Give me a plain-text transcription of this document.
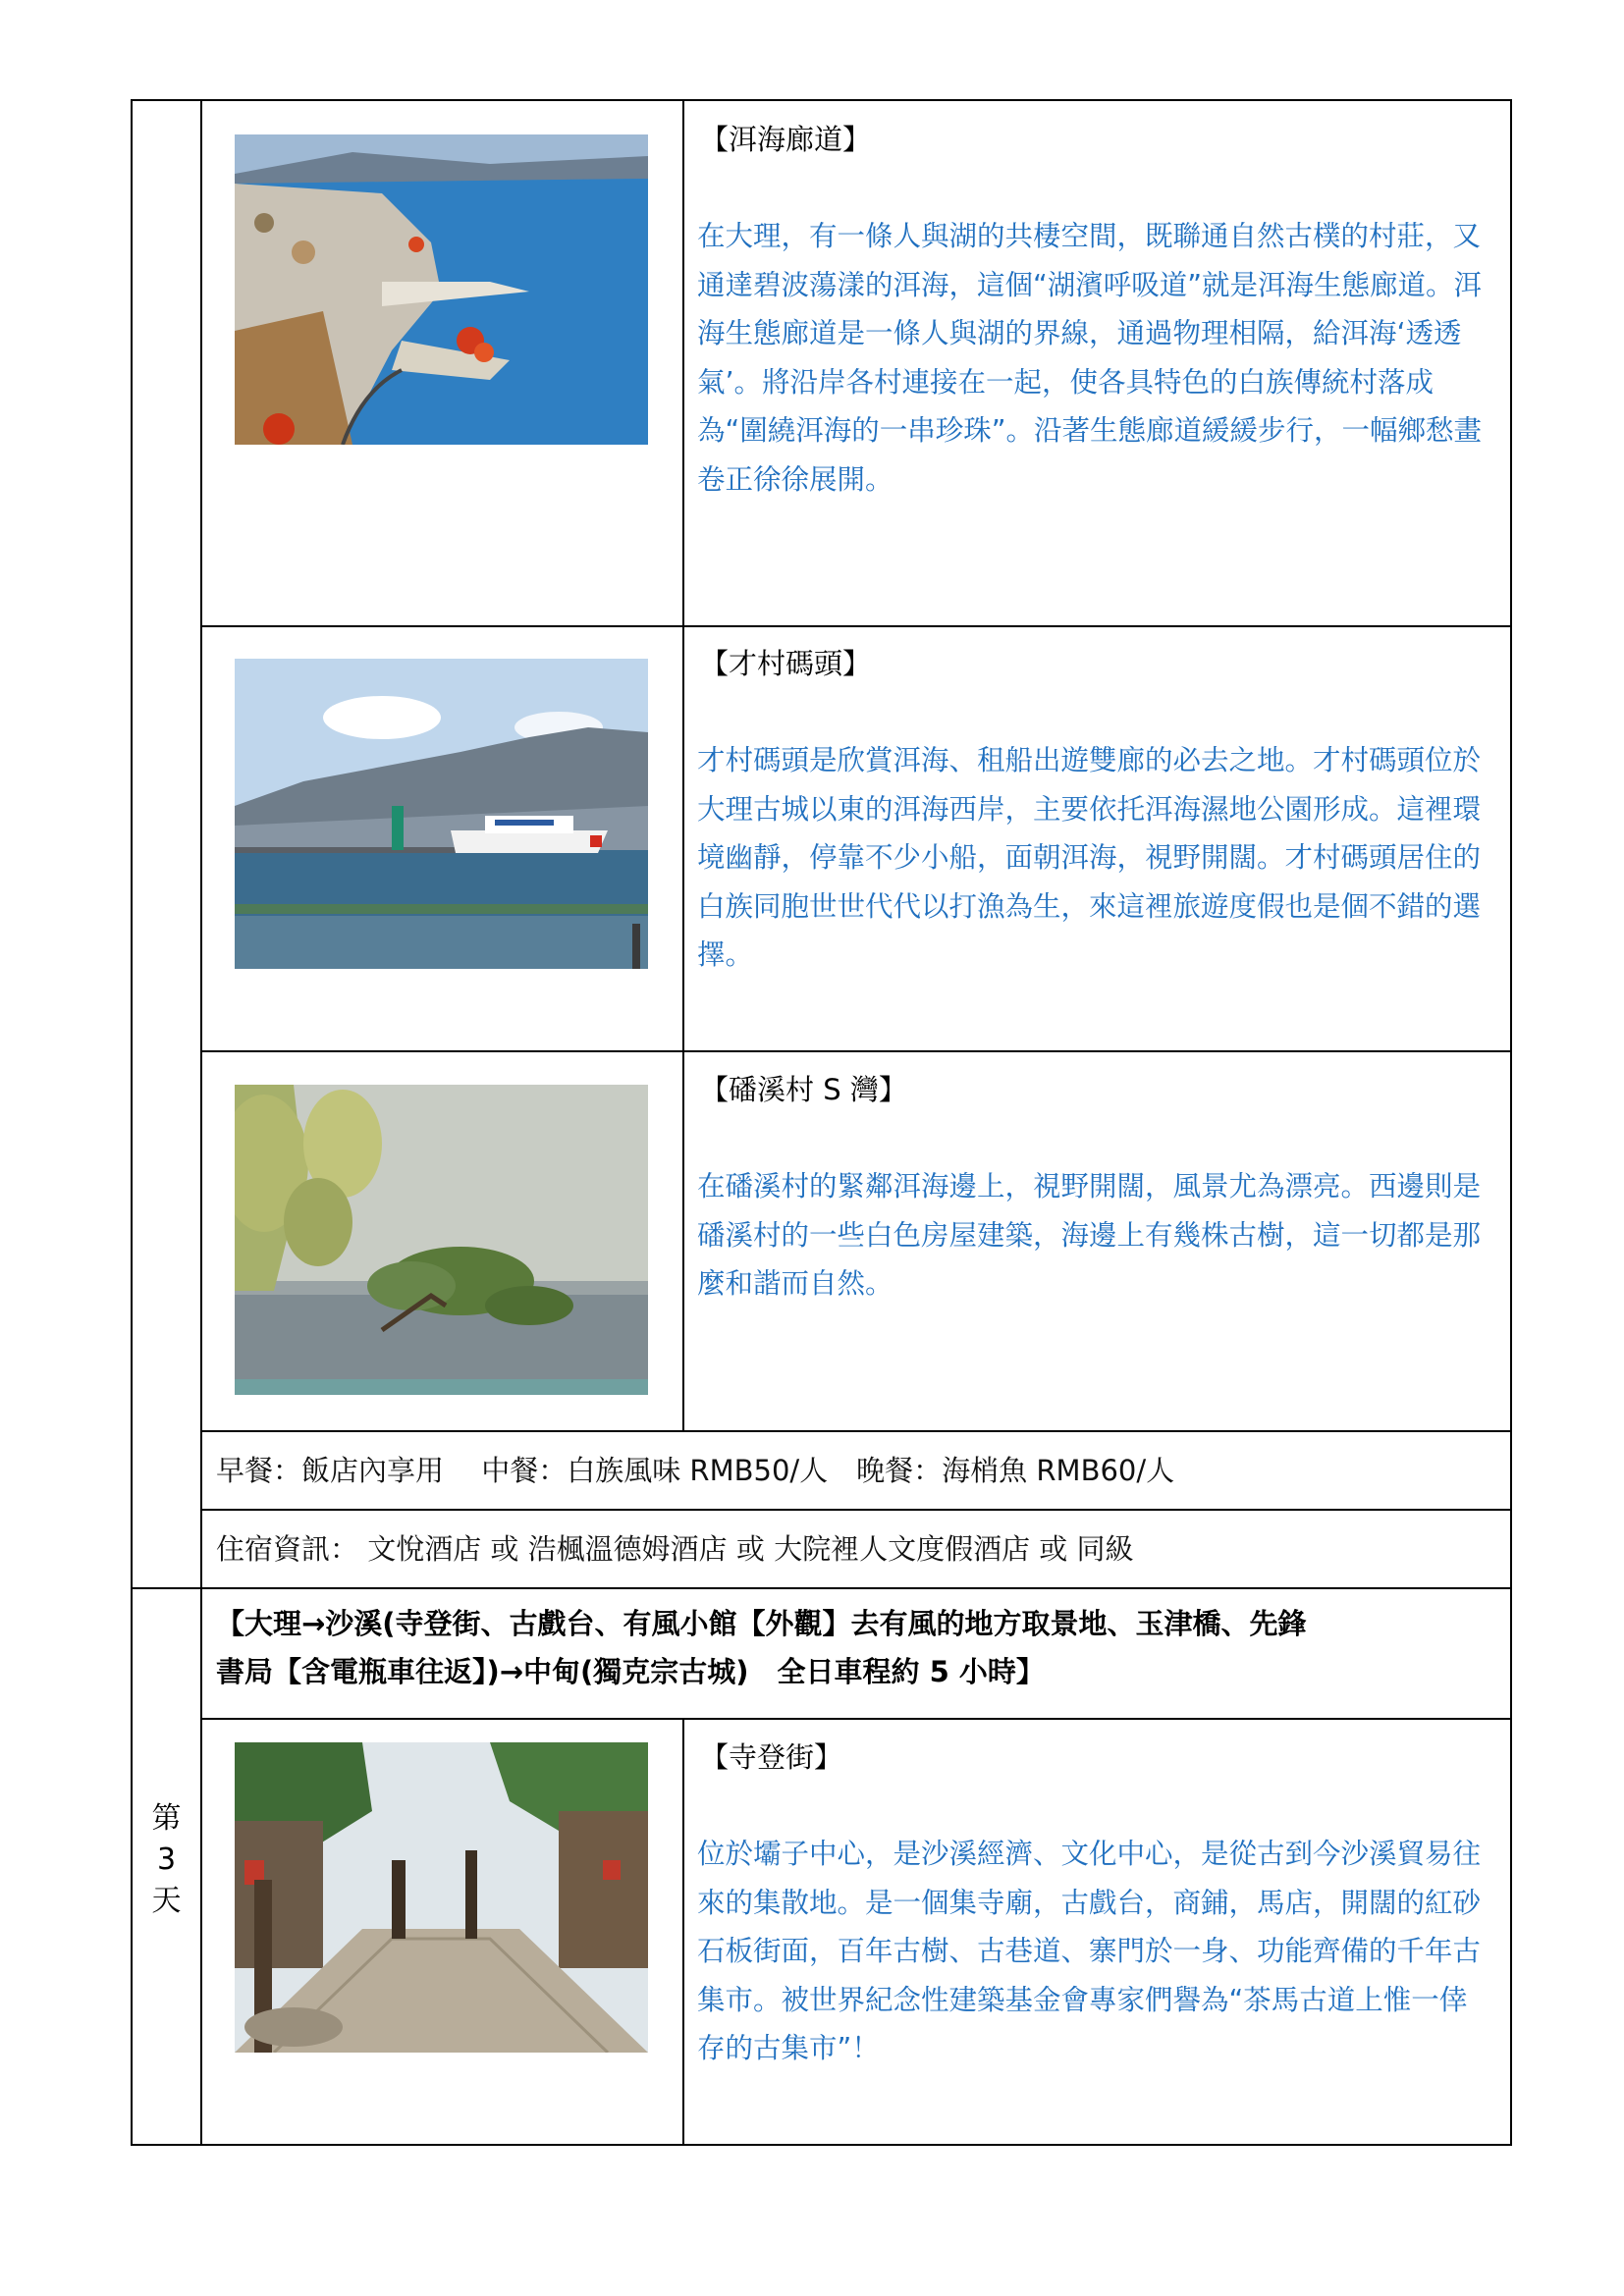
【洱海廊道】
在大理，有一條人與湖的共棲空間，既聯通自然古樸的村莊，又通達碧波蕩漾的洱海，這個“湖濱呼吸道”就是洱海生態廊道。洱海生態廊道是一條人與湖的界線，通過物理相隔，給洱海‘透透氣’。將沿岸各村連接在一起，使各具特色的白族傳統村落成為“圍繞洱海的一串珍珠”。沿著生態廊道緩緩步行，一幅鄉愁畫卷正徐徐展開。
【才村碼頭】
才村碼頭是欣賞洱海、租船出遊雙廊的必去之地。才村碼頭位於大理古城以東的洱海西岸，主要依托洱海濕地公園形成。這裡環境幽靜，停靠不少小船，面朝洱海，視野開闊。才村碼頭居住的白族同胞世世代代以打漁為生，來這裡旅遊度假也是個不錯的選擇。
【磻溪村 S 灣】
在磻溪村的緊鄰洱海邊上，視野開闊，風景尤為漂亮。西邊則是磻溪村的一些白色房屋建築，海邊上有幾株古樹，這一切都是那麼和諧而自然。
早餐：飯店內享用　 中餐：白族風味 RMB50/人　晚餐：海梢魚 RMB60/人
住宿資訊： 文悅酒店 或 浩楓溫德姆酒店 或 大院裡人文度假酒店 或 同級
第
3
天
【大理→沙溪(寺登街、古戲台、有風小館【外觀】去有風的地方取景地、玉津橋、先鋒
書局【含電瓶車往返】)→中甸(獨克宗古城)　全日車程約 5 小時】
【寺登街】
位於壩子中心，是沙溪經濟、文化中心，是從古到今沙溪貿易往來的集散地。是一個集寺廟，古戲台，商鋪，馬店，開闊的紅砂石板街面，百年古樹、古巷道、寨門於一身、功能齊備的千年古集市。被世界紀念性建築基金會專家們譽為“茶馬古道上惟一倖存的古集市”！
